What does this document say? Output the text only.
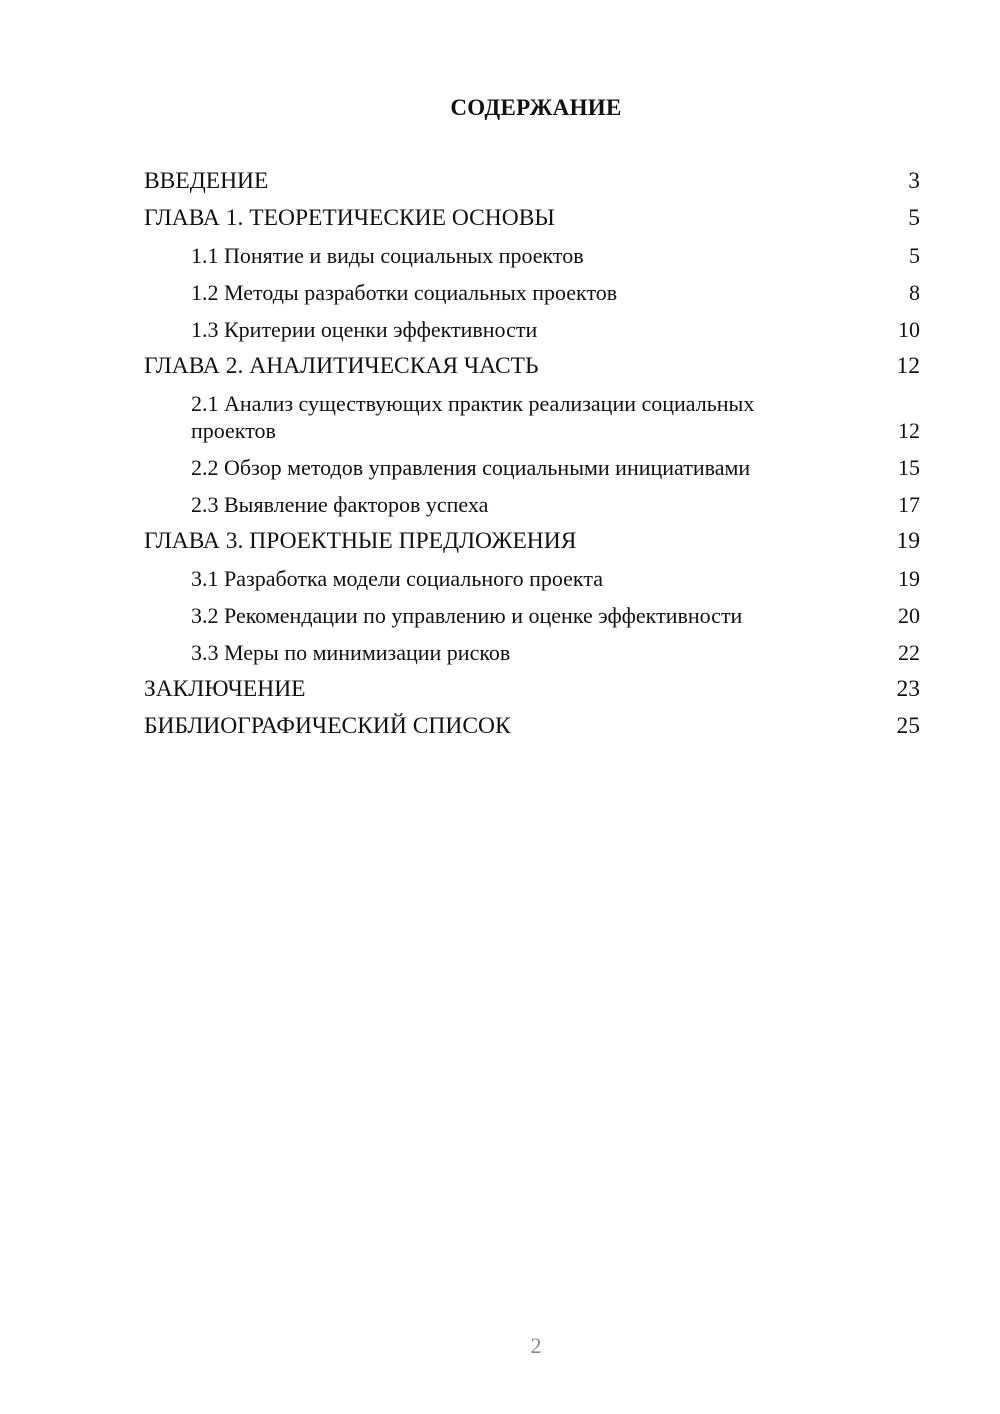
СОДЕРЖАНИЕ
ВВЕДЕНИЕ	3
ГЛАВА 1. ТЕОРЕТИЧЕСКИЕ ОСНОВЫ	5
1.1 Понятие и виды социальных проектов	5
1.2 Методы разработки социальных проектов	8
1.3 Критерии оценки эффективности	10
ГЛАВА 2. АНАЛИТИЧЕСКАЯ ЧАСТЬ	12
2.1 Анализ существующих практик реализации социальных проектов	12
2.2 Обзор методов управления социальными инициативами	15
2.3 Выявление факторов успеха	17
ГЛАВА 3. ПРОЕКТНЫЕ ПРЕДЛОЖЕНИЯ	19
3.1 Разработка модели социального проекта	19
3.2 Рекомендации по управлению и оценке эффективности	20
3.3 Меры по минимизации рисков	22
ЗАКЛЮЧЕНИЕ	23
БИБЛИОГРАФИЧЕСКИЙ СПИСОК	25
2
